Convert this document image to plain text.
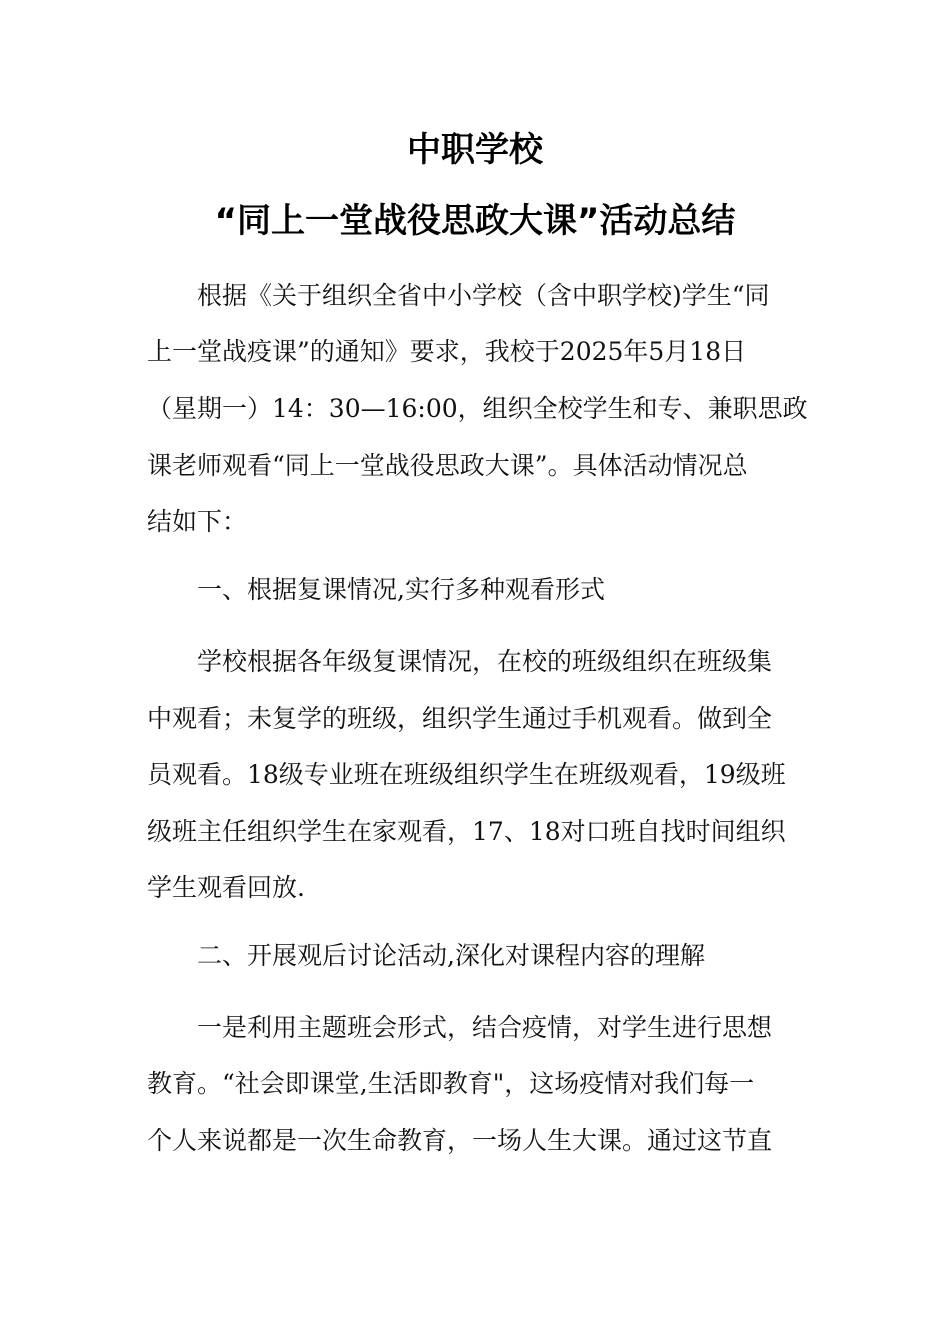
中职学校
“同上一堂战役思政大课”活动总结
根据《关于组织全省中小学校（含中职学校)学生“同
上一堂战疫课”的通知》要求，我校于2025年5月18日
（星期一）14：30—16:00，组织全校学生和专、兼职思政
课老师观看“同上一堂战役思政大课”。具体活动情况总
结如下：
一、根据复课情况,实行多种观看形式
学校根据各年级复课情况，在校的班级组织在班级集
中观看；未复学的班级，组织学生通过手机观看。做到全
员观看。18级专业班在班级组织学生在班级观看，19级班
级班主任组织学生在家观看，17、18对口班自找时间组织
学生观看回放.
二、开展观后讨论活动,深化对课程内容的理解
一是利用主题班会形式，结合疫情，对学生进行思想
教育。“社会即课堂,生活即教育"，这场疫情对我们每一
个人来说都是一次生命教育，一场人生大课。通过这节直
